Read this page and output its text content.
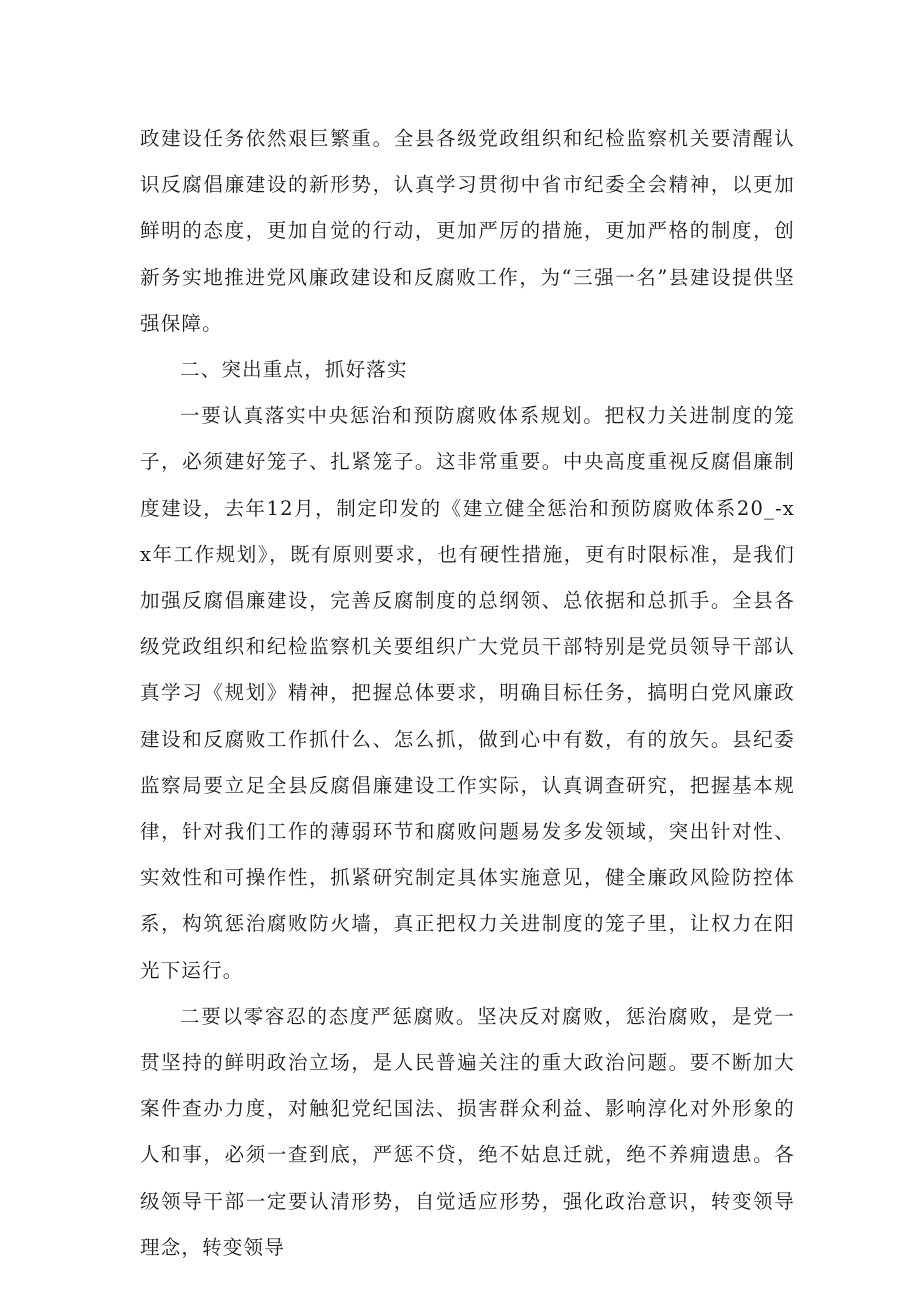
政建设任务依然艰巨繁重。全县各级党政组织和纪检监察机关要清醒认识反腐倡廉建设的新形势，认真学习贯彻中省市纪委全会精神，以更加鲜明的态度，更加自觉的行动，更加严厉的措施，更加严格的制度，创新务实地推进党风廉政建设和反腐败工作，为“三强一名”县建设提供坚强保障。

二、突出重点，抓好落实

一要认真落实中央惩治和预防腐败体系规划。把权力关进制度的笼子，必须建好笼子、扎紧笼子。这非常重要。中央高度重视反腐倡廉制度建设，去年12月，制定印发的《建立健全惩治和预防腐败体系20_-xx年工作规划》，既有原则要求，也有硬性措施，更有时限标准，是我们加强反腐倡廉建设，完善反腐制度的总纲领、总依据和总抓手。全县各级党政组织和纪检监察机关要组织广大党员干部特别是党员领导干部认真学习《规划》精神，把握总体要求，明确目标任务，搞明白党风廉政建设和反腐败工作抓什么、怎么抓，做到心中有数，有的放矢。县纪委监察局要立足全县反腐倡廉建设工作实际，认真调查研究，把握基本规律，针对我们工作的薄弱环节和腐败问题易发多发领域，突出针对性、实效性和可操作性，抓紧研究制定具体实施意见，健全廉政风险防控体系，构筑惩治腐败防火墙，真正把权力关进制度的笼子里，让权力在阳光下运行。

二要以零容忍的态度严惩腐败。坚决反对腐败，惩治腐败，是党一贯坚持的鲜明政治立场，是人民普遍关注的重大政治问题。要不断加大案件查办力度，对触犯党纪国法、损害群众利益、影响淳化对外形象的人和事，必须一查到底，严惩不贷，绝不姑息迁就，绝不养痈遗患。各级领导干部一定要认清形势，自觉适应形势，强化政治意识，转变领导理念，转变领导
